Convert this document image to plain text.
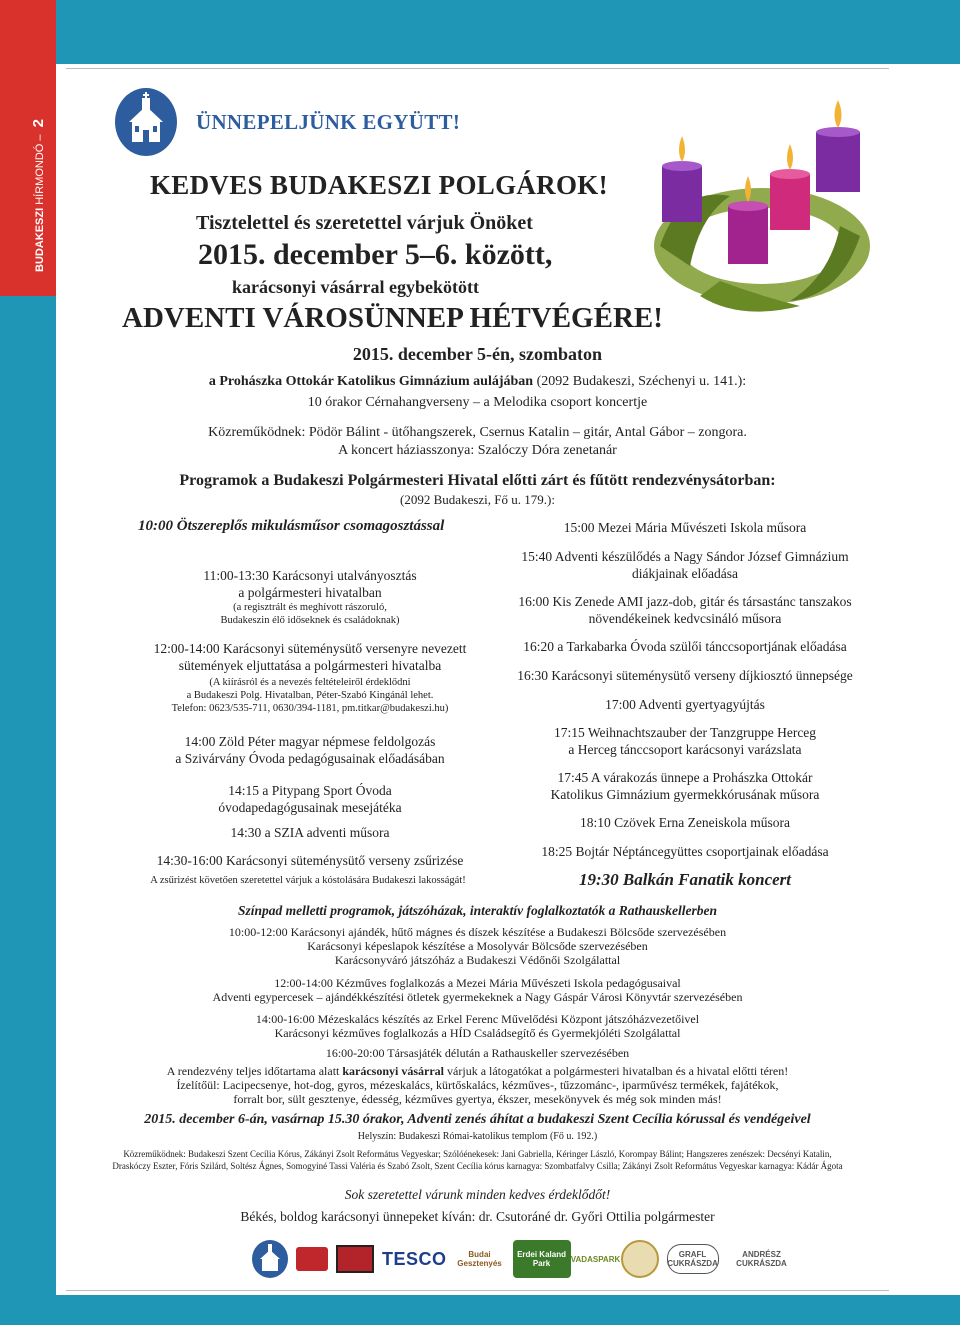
BUDAKESZI HÍRMONDÓ – 2	ÜNNEPELJÜNK EGYÜTT!
KEDVES BUDAKESZI POLGÁROK!
Tisztelettel és szeretettel várjuk Önöket
2015. december 5–6. között,
karácsonyi vásárral egybekötött
ADVENTI VÁROSÜNNEP HÉTVÉGÉRE!
2015. december 5-én, szombaton
a Prohászka Ottokár Katolikus Gimnázium aulájában (2092 Budakeszi, Széchenyi u. 141.):
10 órakor Cérnahangverseny – a Melodika csoport koncertje
Közreműködnek: Pödör Bálint - ütőhangszerek, Csernus Katalin – gitár, Antal Gábor – zongora.
A koncert háziasszonya: Szalóczy Dóra zenetanár
Programok a Budakeszi Polgármesteri Hivatal előtti zárt és fűtött rendezvénysátorban:
(2092 Budakeszi, Fő u. 179.):
10:00 Ötszereplős mikulásműsor csomagosztással
11:00-13:30 Karácsonyi utalványosztás
a polgármesteri hivatalban
(a regisztrált és meghívott rászoruló,
Budakeszin élő időseknek és családoknak)
12:00-14:00 Karácsonyi süteménysütő versenyre nevezett
sütemények eljuttatása a polgármesteri hivatalba
(A kiírásról és a nevezés feltételeiről érdeklődni
a Budakeszi Polg. Hivatalban, Péter-Szabó Kingánál lehet.
Telefon: 0623/535-711, 0630/394-1181, pm.titkar@budakeszi.hu)
14:00 Zöld Péter magyar népmese feldolgozás
a Szivárvány Óvoda pedagógusainak előadásában
14:15 a Pitypang Sport Óvoda
óvodapedagógusainak mesejátéka
14:30 a SZIA adventi műsora
14:30-16:00 Karácsonyi süteménysütő verseny zsűrizése
A zsűrizést követően szeretettel várjuk a kóstolására Budakeszi lakosságát!
15:00 Mezei Mária Művészeti Iskola műsora
15:40 Adventi készülődés a Nagy Sándor József Gimnázium
diákjainak előadása
16:00 Kis Zenede AMI jazz-dob, gitár és társastánc tanszakos
növendékeinek kedvcsináló műsora
16:20 a Tarkabarka Óvoda szülői tánccsoportjának előadása
16:30 Karácsonyi süteménysütő verseny díjkiosztó ünnepsége
17:00 Adventi gyertyagyújtás
17:15 Weihnachtszauber der Tanzgruppe Herceg
a Herceg tánccsoport karácsonyi varázslata
17:45 A várakozás ünnepe a Prohászka Ottokár
Katolikus Gimnázium gyermekkórusának műsora
18:10 Czövek Erna Zeneiskola műsora
18:25 Bojtár Néptáncegyüttes csoportjainak előadása
19:30 Balkán Fanatik koncert
Színpad melletti programok, játszóházak, interaktív foglalkoztatók a Rathauskellerben
10:00-12:00 Karácsonyi ajándék, hűtő mágnes és díszek készítése a Budakeszi Bölcsőde szervezésében
Karácsonyi képeslapok készítése a Mosolyvár Bölcsőde szervezésében
Karácsonyváró játszóház a Budakeszi Védőnői Szolgálattal
12:00-14:00 Kézműves foglalkozás a Mezei Mária Művészeti Iskola pedagógusaival
Adventi egypercesek – ajándékkészítési ötletek gyermekeknek a Nagy Gáspár Városi Könyvtár szervezésében
14:00-16:00 Mézeskalács készítés az Erkel Ferenc Művelődési Központ játszóházvezetőivel
Karácsonyi kézműves foglalkozás a HÍD Családsegítő és Gyermekjóléti Szolgálattal
16:00-20:00 Társasjáték délután a Rathauskeller szervezésében
A rendezvény teljes időtartama alatt karácsonyi vásárral várjuk a látogatókat a polgármesteri hivatalban és a hivatal előtti téren!
Ízelítőül: Lacipecsenye, hot-dog, gyros, mézeskalács, kürtőskalács, kézműves-, tűzzománc-, iparművész termékek, fajátékok,
forralt bor, sült gesztenye, édesség, kézműves gyertya, ékszer, mesekönyvek és még sok minden más!
2015. december 6-án, vasárnap 15.30 órakor, Adventi zenés áhítat a budakeszi Szent Cecília kórussal és vendégeivel
Helyszín: Budakeszi Római-katolikus templom (Fő u. 192.)
Közreműködnek: Budakeszi Szent Cecília Kórus, Zákányi Zsolt Református Vegyeskar; Szólóénekesek: Jani Gabriella, Kéringer László, Korompay Bálint; Hangszeres zenészek: Decsényi Katalin,
Draskóczy Eszter, Fóris Szilárd, Soltész Ágnes, Somogyiné Tassi Valéria és Szabó Zsolt, Szent Cecília kórus karnagya: Szombatfalvy Csilla; Zákányi Zsolt Református Vegyeskar karnagya: Kádár Ágota
Sok szeretettel várunk minden kedves érdeklődőt!
Békés, boldog karácsonyi ünnepeket kíván: dr. Csutoráné dr. Győri Ottilia polgármester
TESCO	Budai Gesztenyés
Erdei Kaland Park	VADASPARK	GRAFL CUKRÁSZDA
ANDRÉSZ CUKRÁSZDA
